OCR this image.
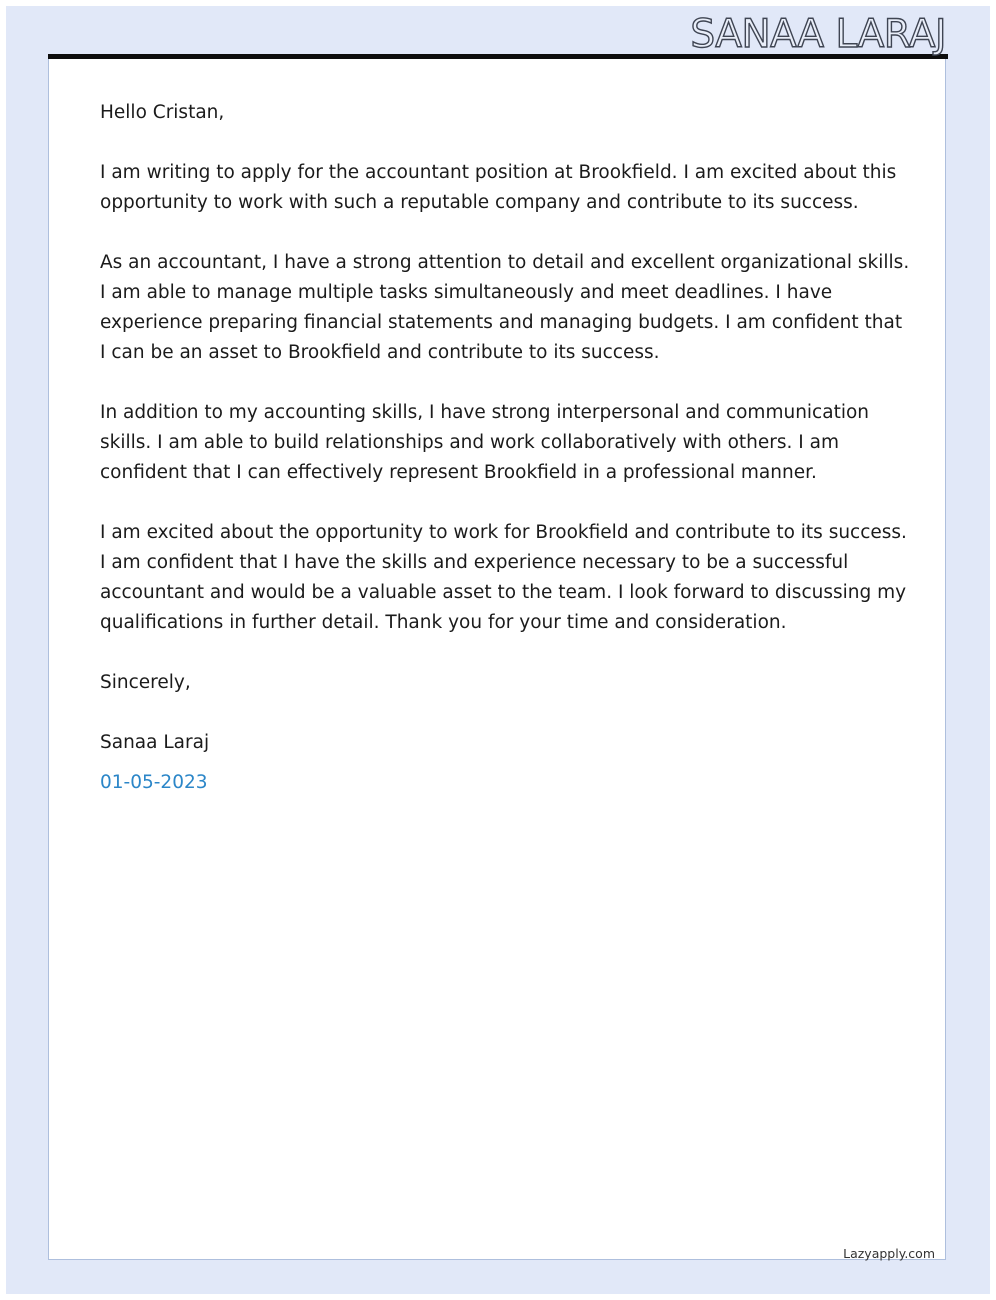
SANAA LARAJ

Hello Cristan,

I am writing to apply for the accountant position at Brookfield. I am excited about this opportunity to work with such a reputable company and contribute to its success.

As an accountant, I have a strong attention to detail and excellent organizational skills. I am able to manage multiple tasks simultaneously and meet deadlines. I have experience preparing financial statements and managing budgets. I am confident that I can be an asset to Brookfield and contribute to its success.

In addition to my accounting skills, I have strong interpersonal and communication skills. I am able to build relationships and work collaboratively with others. I am confident that I can effectively represent Brookfield in a professional manner.

I am excited about the opportunity to work for Brookfield and contribute to its success. I am confident that I have the skills and experience necessary to be a successful accountant and would be a valuable asset to the team. I look forward to discussing my qualifications in further detail. Thank you for your time and consideration.

Sincerely,

Sanaa Laraj

01-05-2023

Lazyapply.com
